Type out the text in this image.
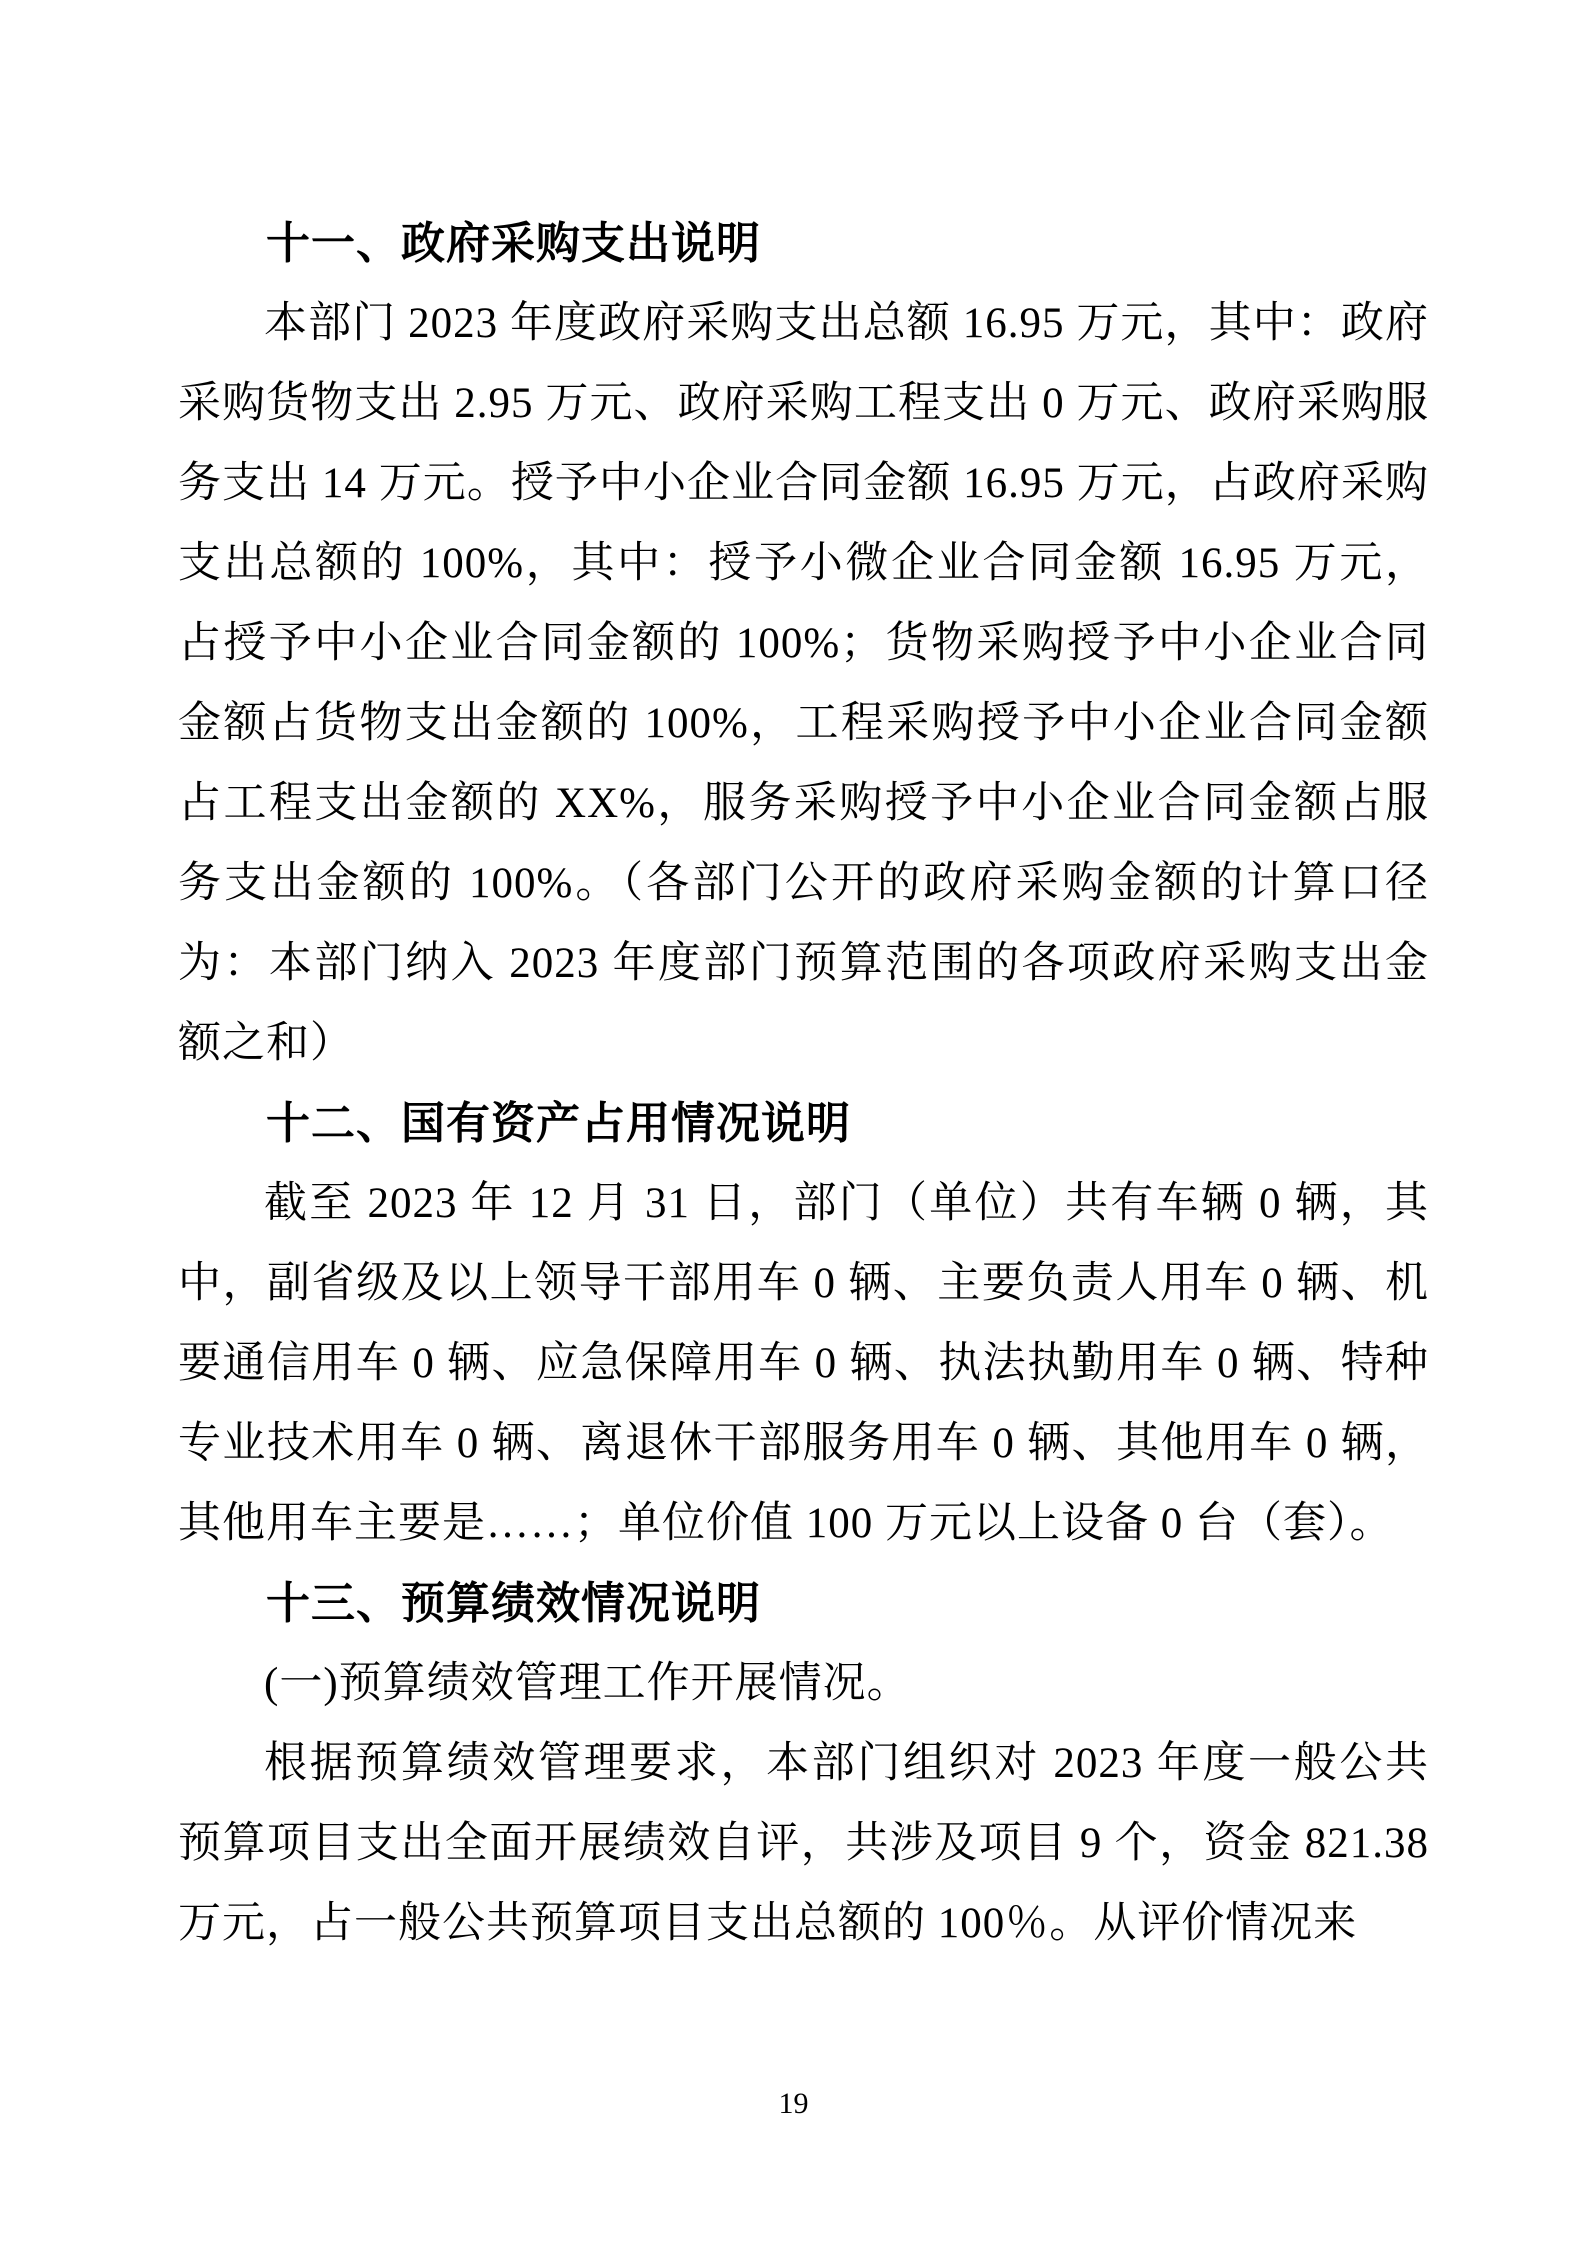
十一、政府采购支出说明

本部门 2023 年度政府采购支出总额 16.95 万元，其中：政府采购货物支出 2.95 万元、政府采购工程支出 0 万元、政府采购服务支出 14 万元。授予中小企业合同金额 16.95 万元，占政府采购支出总额的 100%，其中：授予小微企业合同金额 16.95 万元，占授予中小企业合同金额的 100%；货物采购授予中小企业合同金额占货物支出金额的 100%，工程采购授予中小企业合同金额占工程支出金额的 XX%，服务采购授予中小企业合同金额占服务支出金额的 100%。（各部门公开的政府采购金额的计算口径为：本部门纳入 2023 年度部门预算范围的各项政府采购支出金额之和）

十二、国有资产占用情况说明

截至 2023 年 12 月 31 日，部门（单位）共有车辆 0 辆，其中，副省级及以上领导干部用车 0 辆、主要负责人用车 0 辆、机要通信用车 0 辆、应急保障用车 0 辆、执法执勤用车 0 辆、特种专业技术用车 0 辆、离退休干部服务用车 0 辆、其他用车 0 辆，其他用车主要是……；单位价值 100 万元以上设备 0 台（套）。

十三、预算绩效情况说明

(一)预算绩效管理工作开展情况。

根据预算绩效管理要求，本部门组织对 2023 年度一般公共预算项目支出全面开展绩效自评，共涉及项目 9 个，资金 821.38 万元，占一般公共预算项目支出总额的 100％。从评价情况来

19
